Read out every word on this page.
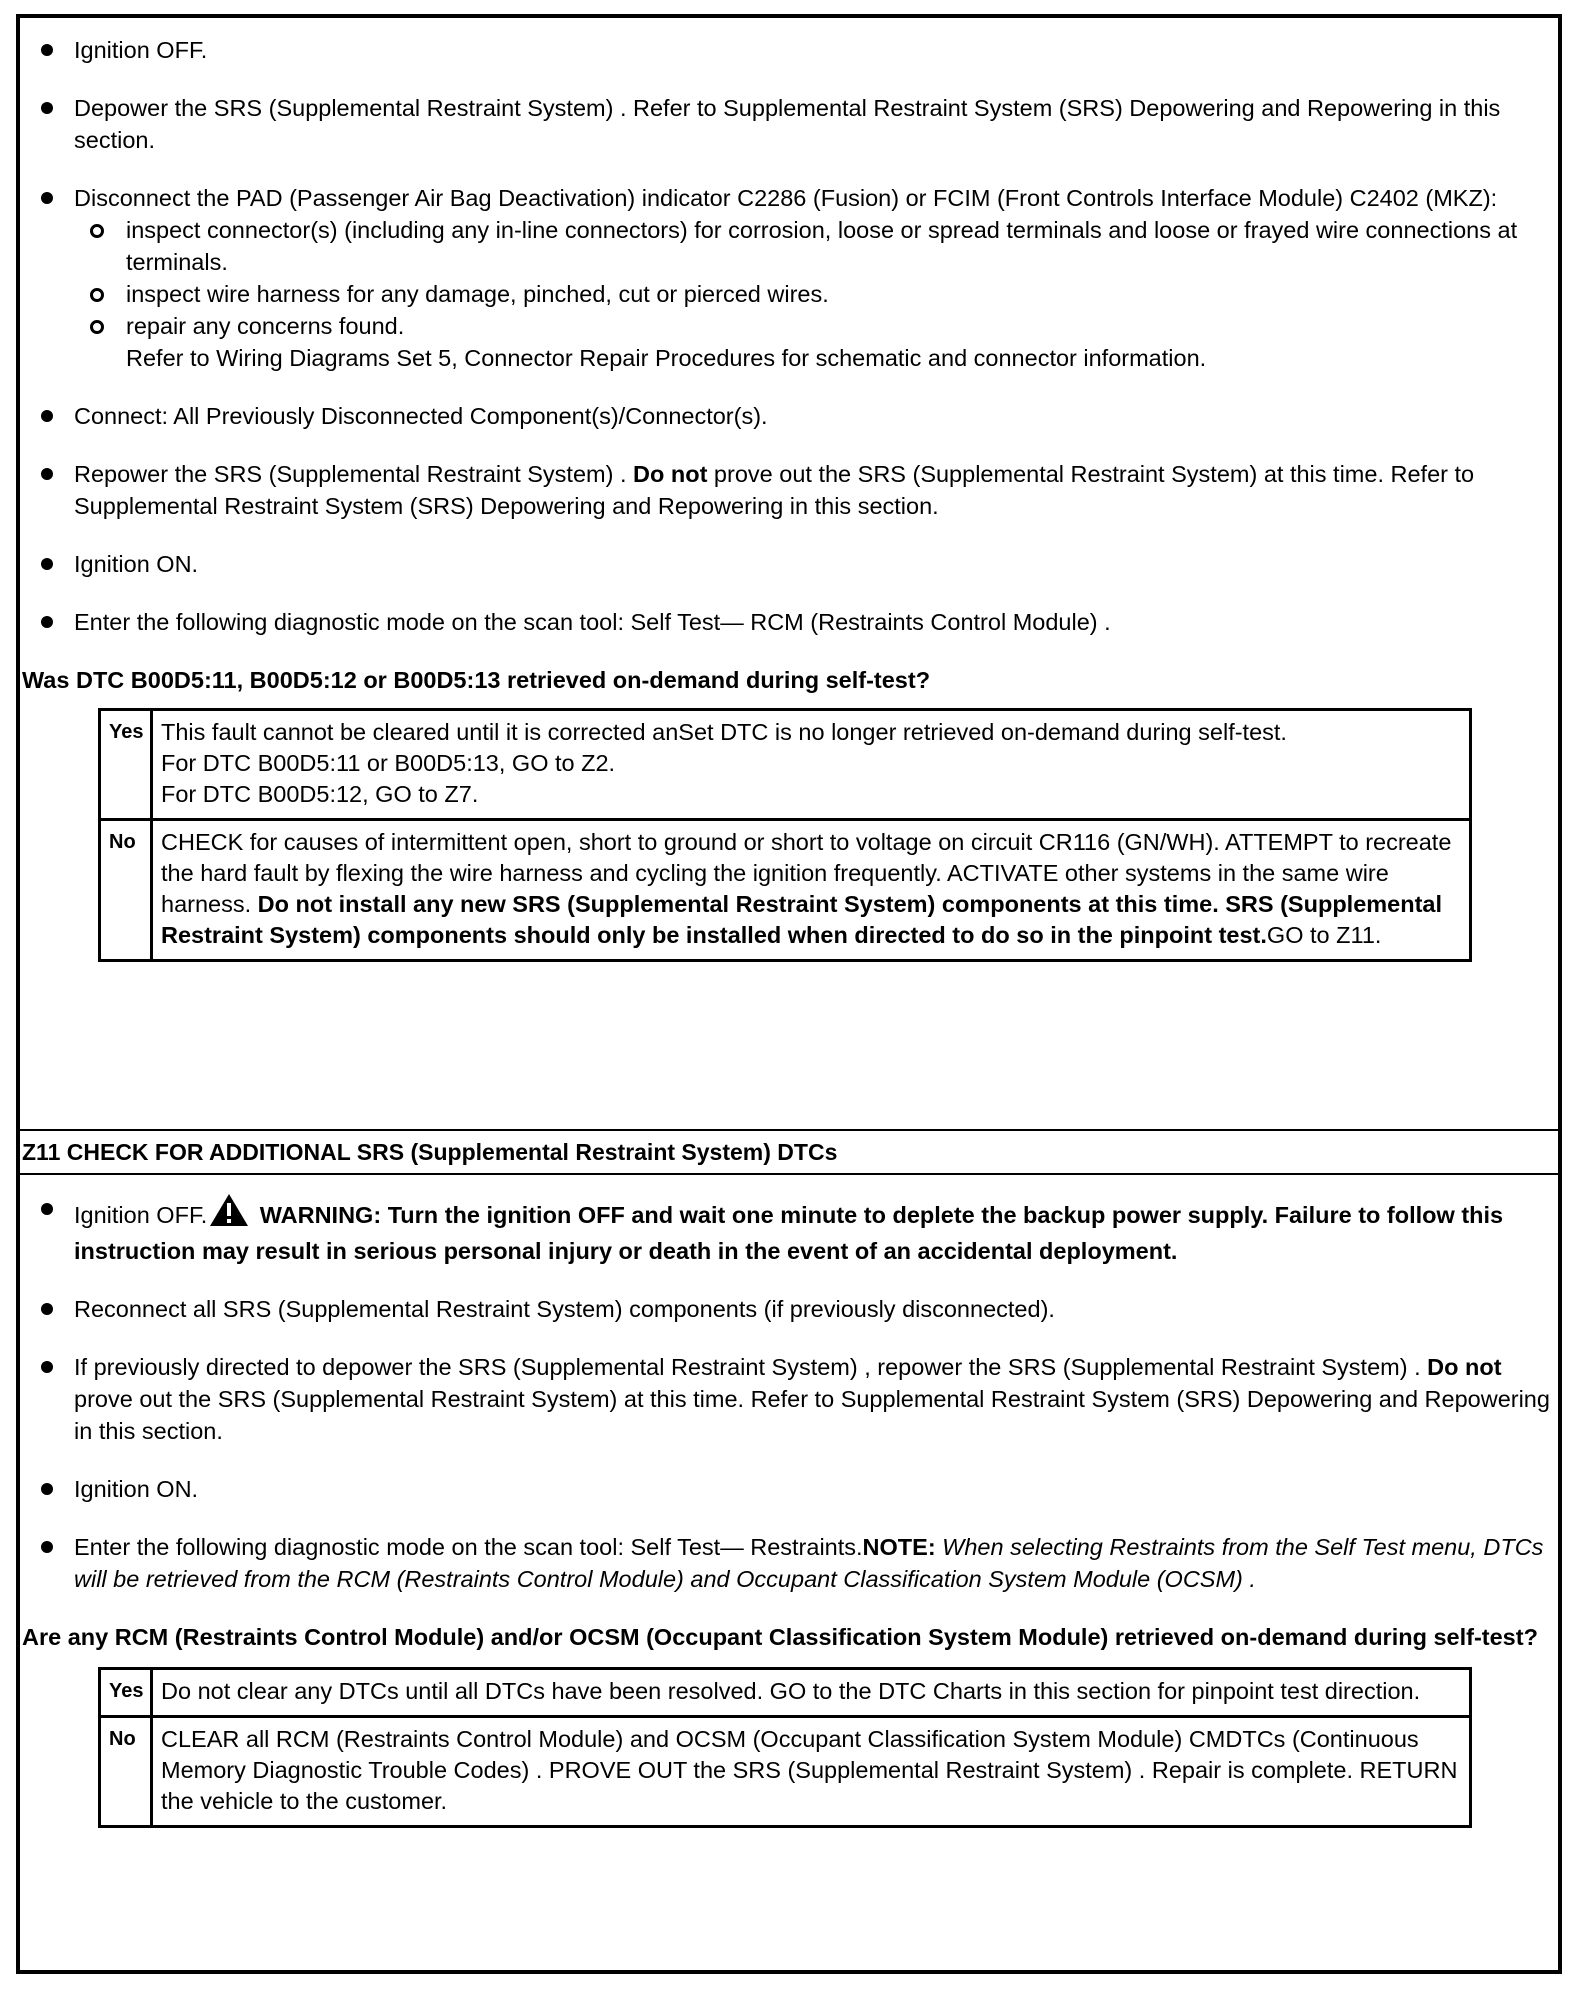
Ignition OFF.
Depower the SRS (Supplemental Restraint System) . Refer to Supplemental Restraint System (SRS) Depowering and Repowering in this section.
Disconnect the PAD (Passenger Air Bag Deactivation) indicator C2286 (Fusion) or FCIM (Front Controls Interface Module) C2402 (MKZ):
inspect connector(s) (including any in-line connectors) for corrosion, loose or spread terminals and loose or frayed wire connections at terminals.
inspect wire harness for any damage, pinched, cut or pierced wires.
repair any concerns found.
Refer to Wiring Diagrams Set 5, Connector Repair Procedures for schematic and connector information.
Connect: All Previously Disconnected Component(s)/Connector(s).
Repower the SRS (Supplemental Restraint System) . Do not prove out the SRS (Supplemental Restraint System) at this time. Refer to Supplemental Restraint System (SRS) Depowering and Repowering in this section.
Ignition ON.
Enter the following diagnostic mode on the scan tool: Self Test— RCM (Restraints Control Module) .
Was DTC B00D5:11, B00D5:12 or B00D5:13 retrieved on-demand during self-test?
Yes	This fault cannot be cleared until it is corrected anSet DTC is no longer retrieved on-demand during self-test.
For DTC B00D5:11 or B00D5:13, GO to Z2.
For DTC B00D5:12, GO to Z7.

No	CHECK for causes of intermittent open, short to ground or short to voltage on circuit CR116 (GN/WH). ATTEMPT to recreate the hard fault by flexing the wire harness and cycling the ignition frequently. ACTIVATE other systems in the same wire harness. Do not install any new SRS (Supplemental Restraint System) components at this time. SRS (Supplemental Restraint System) components should only be installed when directed to do so in the pinpoint test.GO to Z11.
Z11 CHECK FOR ADDITIONAL SRS (Supplemental Restraint System) DTCs
Ignition OFF. WARNING: Turn the ignition OFF and wait one minute to deplete the backup power supply. Failure to follow this instruction may result in serious personal injury or death in the event of an accidental deployment.
Reconnect all SRS (Supplemental Restraint System) components (if previously disconnected).
If previously directed to depower the SRS (Supplemental Restraint System) , repower the SRS (Supplemental Restraint System) . Do not prove out the SRS (Supplemental Restraint System) at this time. Refer to Supplemental Restraint System (SRS) Depowering and Repowering in this section.
Ignition ON.
Enter the following diagnostic mode on the scan tool: Self Test— Restraints.NOTE: When selecting Restraints from the Self Test menu, DTCs will be retrieved from the RCM (Restraints Control Module) and Occupant Classification System Module (OCSM) .
Are any RCM (Restraints Control Module) and/or OCSM (Occupant Classification System Module) retrieved on-demand during self-test?
Yes	Do not clear any DTCs until all DTCs have been resolved. GO to the DTC Charts in this section for pinpoint test direction.
No	CLEAR all RCM (Restraints Control Module) and OCSM (Occupant Classification System Module) CMDTCs (Continuous Memory Diagnostic Trouble Codes) . PROVE OUT the SRS (Supplemental Restraint System) . Repair is complete. RETURN the vehicle to the customer.
